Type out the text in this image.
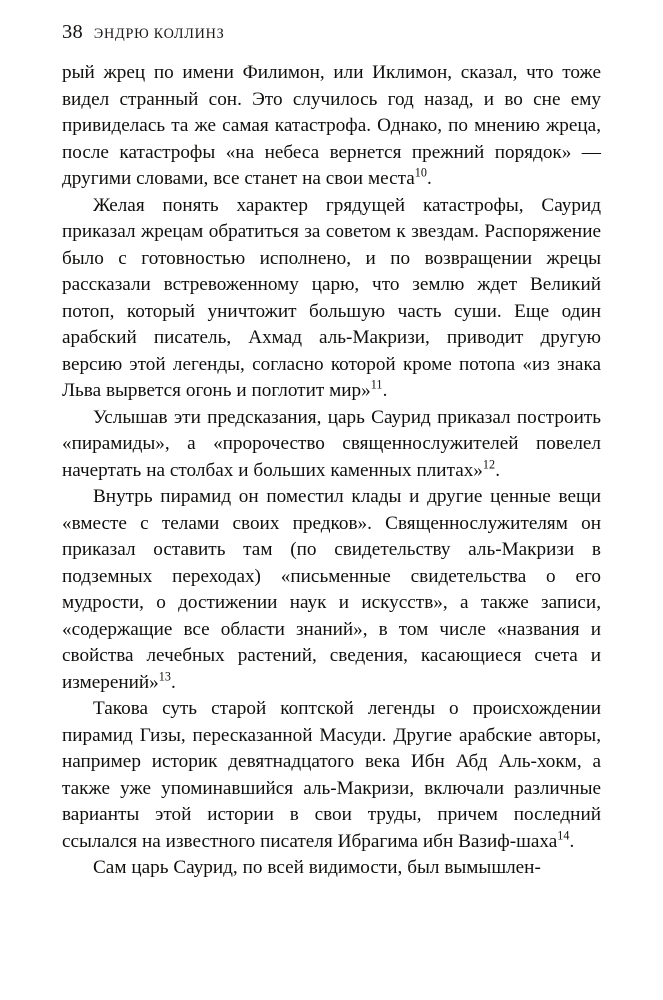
38 ЭНДРЮ КОЛЛИНЗ

рый жрец по имени Филимон, или Иклимон, сказал, что тоже видел странный сон. Это случилось год назад, и во сне ему привиделась та же самая катастрофа. Однако, по мнению жреца, после катастрофы «на небеса вернется прежний порядок» — другими словами, все станет на свои места$^{10}$.

Желая понять характер грядущей катастрофы, Саурид приказал жрецам обратиться за советом к звездам. Распоряжение было с готовностью исполнено, и по возвращении жрецы рассказали встревоженному царю, что землю ждет Великий потоп, который уничтожит большую часть суши. Еще один арабский писатель, Ахмад аль-Макризи, приводит другую версию этой легенды, согласно которой кроме потопа «из знака Льва вырвется огонь и поглотит мир»$^{11}$.

Услышав эти предсказания, царь Саурид приказал построить «пирамиды», а «пророчество священнослужителей повелел начертать на столбах и больших каменных плитах»$^{12}$.

Внутрь пирамид он поместил клады и другие ценные вещи «вместе с телами своих предков». Священнослужителям он приказал оставить там (по свидетельству аль-Макризи в подземных переходах) «письменные свидетельства о его мудрости, о достижении наук и искусств», а также записи, «содержащие все области знаний», в том числе «названия и свойства лечебных растений, сведения, касающиеся счета и измерений»$^{13}$.

Такова суть старой коптской легенды о происхождении пирамид Гизы, пересказанной Масуди. Другие арабские авторы, например историк девятнадцатого века Ибн Абд Аль-хокм, а также уже упоминавшийся аль-Макризи, включали различные варианты этой истории в свои труды, причем последний ссылался на известного писателя Ибрагима ибн Вазиф-шаха$^{14}$.

Сам царь Саурид, по всей видимости, был вымышлен-
